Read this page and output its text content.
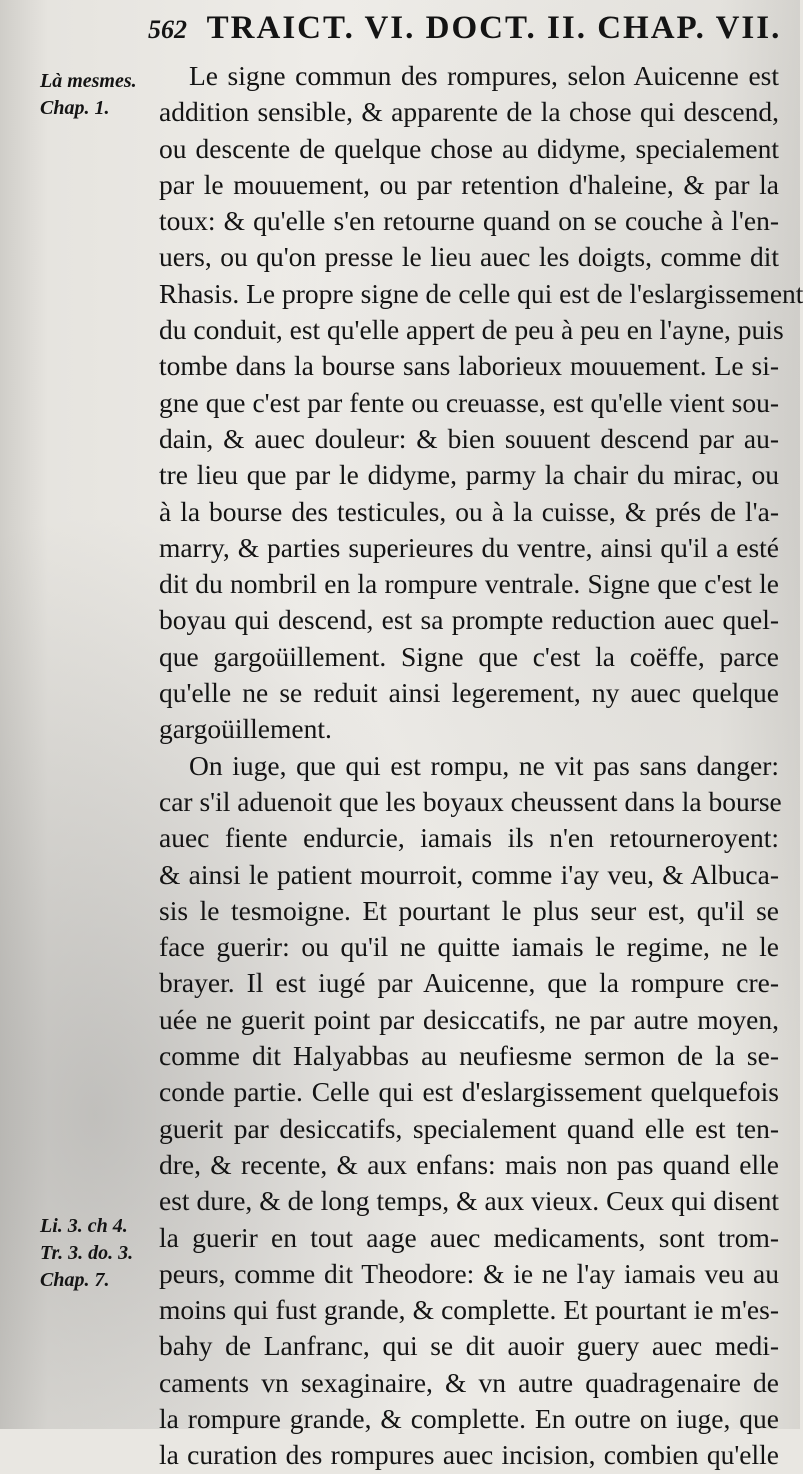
562 TRAICT. VI. DOCT. II. CHAP. VII.
Là mesmes.
Chap. 1.
Li. 3. ch 4.
Tr. 3. do. 3.
Chap. 7.
Le signe commun des rompures, selon Auicenne est
addition sensible, & apparente de la chose qui descend,
ou descente de quelque chose au didyme, specialement
par le mouuement, ou par retention d'haleine, & par la
toux: & qu'elle s'en retourne quand on se couche à l'en-
uers, ou qu'on presse le lieu auec les doigts, comme dit
Rhasis. Le propre signe de celle qui est de l'eslargissement
du conduit, est qu'elle appert de peu à peu en l'ayne, puis
tombe dans la bourse sans laborieux mouuement. Le si-
gne que c'est par fente ou creuasse, est qu'elle vient sou-
dain, & auec douleur: & bien souuent descend par au-
tre lieu que par le didyme, parmy la chair du mirac, ou
à la bourse des testicules, ou à la cuisse, & prés de l'a-
marry, & parties superieures du ventre, ainsi qu'il a esté
dit du nombril en la rompure ventrale. Signe que c'est le
boyau qui descend, est sa prompte reduction auec quel-
que gargoüillement. Signe que c'est la coëffe, parce
qu'elle ne se reduit ainsi legerement, ny auec quelque
gargoüillement.
On iuge, que qui est rompu, ne vit pas sans danger:
car s'il aduenoit que les boyaux cheussent dans la bourse
auec fiente endurcie, iamais ils n'en retourneroyent:
& ainsi le patient mourroit, comme i'ay veu, & Albuca-
sis le tesmoigne. Et pourtant le plus seur est, qu'il se
face guerir: ou qu'il ne quitte iamais le regime, ne le
brayer. Il est iugé par Auicenne, que la rompure cre-
uée ne guerit point par desiccatifs, ne par autre moyen,
comme dit Halyabbas au neufiesme sermon de la se-
conde partie. Celle qui est d'eslargissement quelquefois
guerit par desiccatifs, specialement quand elle est ten-
dre, & recente, & aux enfans: mais non pas quand elle
est dure, & de long temps, & aux vieux. Ceux qui disent
la guerir en tout aage auec medicaments, sont trom-
peurs, comme dit Theodore: & ie ne l'ay iamais veu au
moins qui fust grande, & complette. Et pourtant ie m'es-
bahy de Lanfranc, qui se dit auoir guery auec medi-
caments vn sexaginaire, & vn autre quadragenaire de
la rompure grande, & complette. En outre on iuge, que
la curation des rompures auec incision, combien qu'elle
